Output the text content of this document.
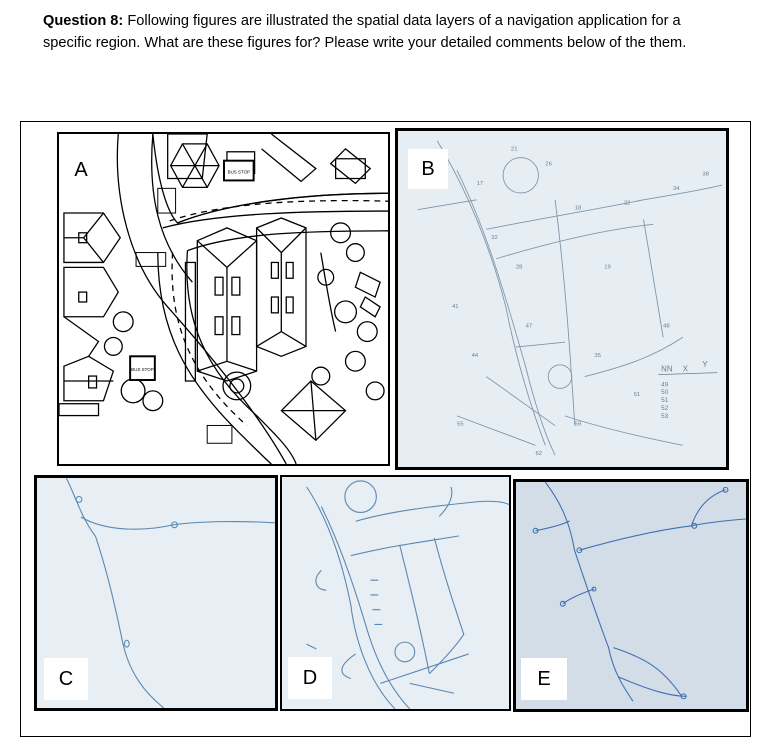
Question 8: Following figures are illustrated the spatial data layers of a navigation application for a specific region. What are these figures for? Please write your detailed comments below of the them.
BUS STOP
BUS STOP
A
17
21
26
32
28
18
22
34
38
41
44
47
35
51
59
62
55
48
19
NN X
Y
49
50
51
52
53
B
C	D	E
